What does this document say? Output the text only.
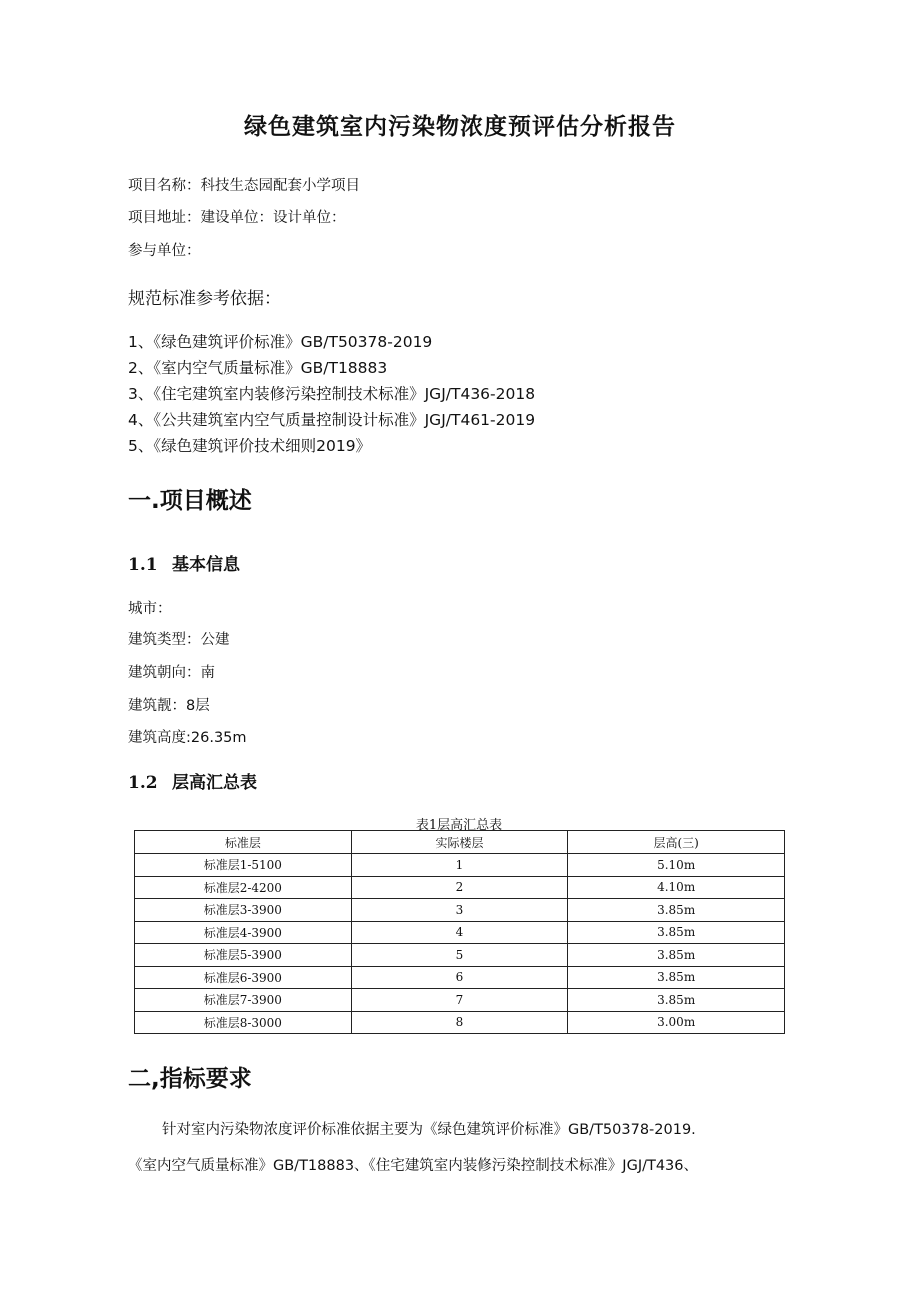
绿色建筑室内污染物浓度预评估分析报告

项目名称：科技生态园配套小学项目

项目地址：建设单位：设计单位：

参与单位：

规范标准参考依据：

1、《绿色建筑评价标准》GB/T50378-2019

2、《室内空气质量标准》GB/T18883

3、《住宅建筑室内装修污染控制技术标准》JGJ/T436-2018

4、《公共建筑室内空气质量控制设计标准》JGJ/T461-2019

5、《绿色建筑评价技术细则2019》

一.项目概述
1.1 基本信息

城市：

建筑类型：公建

建筑朝向：南

建筑靓：8层

建筑高度:26.35m

1.2 层高汇总表

表1层高汇总表

标准层	实际楼层	层高(三)
标准层1-5100	1	5.10m
标准层2-4200	2	4.10m
标准层3-3900	3	3.85m
标准层4-3900	4	3.85m
标准层5-3900	5	3.85m
标准层6-3900	6	3.85m
标准层7-3900	7	3.85m
标准层8-3000	8	3.00m
二,指标要求

针对室内污染物浓度评价标准依据主要为《绿色建筑评价标准》GB/T50378-2019.

《室内空气质量标准》GB/T18883、《住宅建筑室内装修污染控制技术标准》JGJ/T436、
